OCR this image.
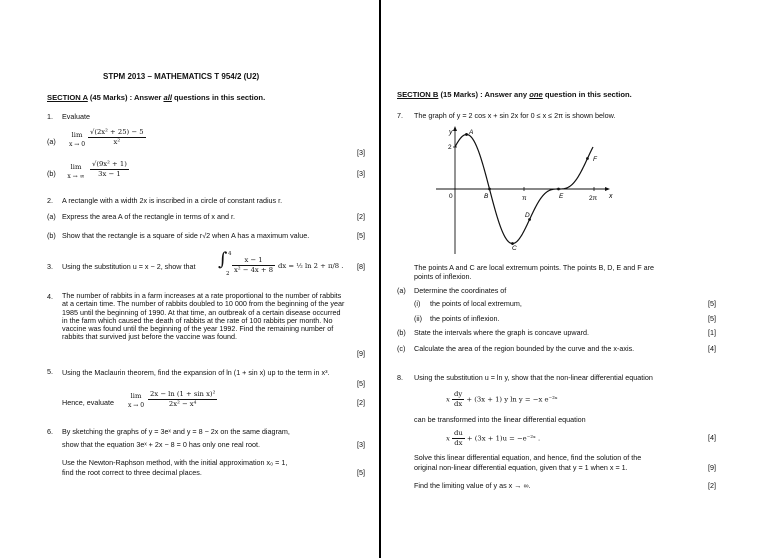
STPM 2013 – MATHEMATICS T 954/2 (U2)
SECTION A (45 Marks) : Answer all questions in this section.
1. Evaluate
(a)
lim
$x \to 0 \frac{\text{√(2x² + 25) − 5}}{\text{x²}}$
[3]
(b)
lim
x → ∞ $\frac{\text{√(9x² + 1)}}{3x - 1}$	[3]
2. A rectangle with a width 2x is inscribed in a circle of constant radius r.
(a) Express the area A of the rectangle in terms of x and r.	[2]
(b) Show that the rectangle is a square of side r√2 when A has a maximum value.	[5]
3. Using the substitution u = x − 2, show that ∫ 4
$2 \frac{x - 1}{\text{x² − 4x + 8}}$ dx = ½ ln 2 + π/8 . [8]
4. The number of rabbits in a farm increases at a rate proportional to the number of rabbits at a certain time. The number of rabbits doubled to 10 000 from the beginning of the year 1985 until the beginning of 1990. At that time, an outbreak of a certain disease occurred in the farm which caused the death of rabbits at the rate of 100 rabbits per month. No vaccine was found until the beginning of the year 1992. Find the remaining number of rabbits that survived just before the vaccine was found.
[9]
5. Using the Maclaurin theorem, find the expansion of ln (1 + sin x) up to the term in x³.
[5]
Hence, evaluate
lim
$x \to 0 \frac{\text{2x − ln (1 + sin x)²}}{\text{2x² − x⁴}}$	[2]
6. By sketching the graphs of y = 3eˣ and y = 8 − 2x on the same diagram,
show that the equation 3eˣ + 2x − 8 = 0 has only one real root.	[3]
Use the Newton-Raphson method, with the initial approximation x₀ = 1,
find the root correct to three decimal places.	[5]
SECTION B (15 Marks) : Answer any one question in this section.
7. The graph of y = 2 cos x + sin 2x for 0 ≤ x ≤ 2π is shown below.
y
x
0
2
π	2π
A
B
C
D
E
F
The points A and C are local extremum points. The points B, D, E and F are
points of inflexion.
(a) Determine the coordinates of
(i) the points of local extremum,	[5]
(ii) the points of inflexion.	[5]
(b) State the intervals where the graph is concave upward.	[1]
(c) Calculate the area of the region bounded by the curve and the x-axis.	[4]
8. Using the substitution u = ln y, show that the non-linear differential equation
x $\frac{dy}{dx} + (3x + 1)$ y ln y = −x e⁻²ˣ
can be transformed into the linear differential equation
x $\frac{du}{dx} + (3x + 1)u$ = −e⁻²ˣ .	[4]
Solve this linear differential equation, and hence, find the solution of the
original non-linear differential equation, given that y = 1 when x = 1.	[9]
Find the limiting value of y as x → ∞.	[2]
